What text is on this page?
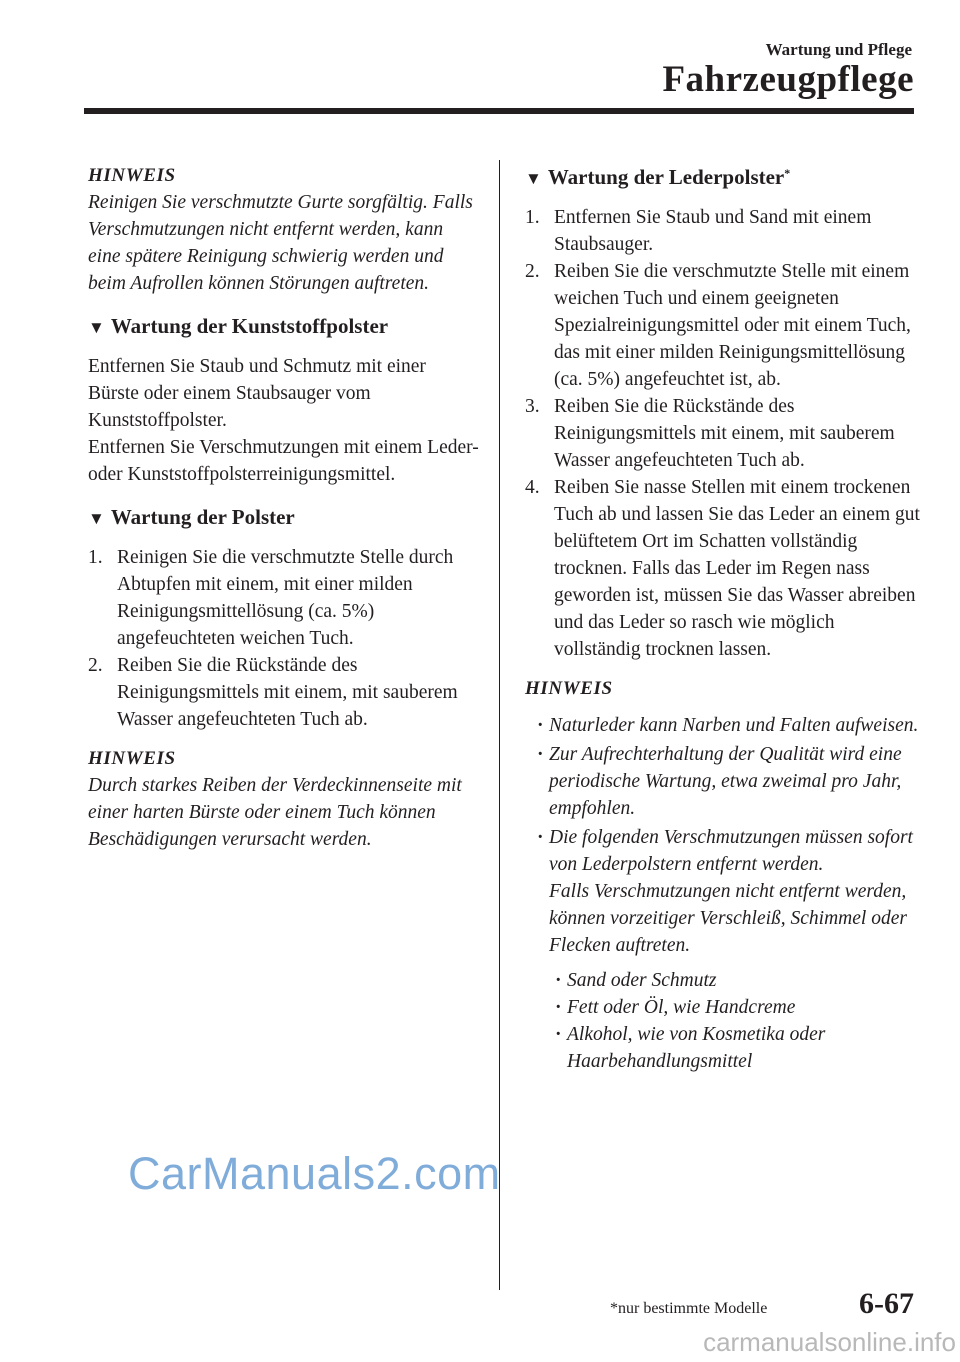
Wartung und Pflege
Fahrzeugpflege
HINWEIS
Reinigen Sie verschmutzte Gurte sorgfältig. Falls Verschmutzungen nicht entfernt werden, kann eine spätere Reinigung schwierig werden und beim Aufrollen können Störungen auftreten.
▼ Wartung der Kunststoffpolster
Entfernen Sie Staub und Schmutz mit einer Bürste oder einem Staubsauger vom Kunststoffpolster.
Entfernen Sie Verschmutzungen mit einem Leder- oder Kunststoffpolsterreinigungsmittel.
▼ Wartung der Polster
1. Reinigen Sie die verschmutzte Stelle durch Abtupfen mit einem, mit einer milden Reinigungsmittellösung (ca. 5%) angefeuchteten weichen Tuch.
2. Reiben Sie die Rückstände des Reinigungsmittels mit einem, mit sauberem Wasser angefeuchteten Tuch ab.
HINWEIS
Durch starkes Reiben der Verdeckinnenseite mit einer harten Bürste oder einem Tuch können Beschädigungen verursacht werden.
▼ Wartung der Lederpolster*
1. Entfernen Sie Staub und Sand mit einem Staubsauger.
2. Reiben Sie die verschmutzte Stelle mit einem weichen Tuch und einem geeigneten Spezialreinigungsmittel oder mit einem Tuch, das mit einer milden Reinigungsmittellösung (ca. 5%) angefeuchtet ist, ab.
3. Reiben Sie die Rückstände des Reinigungsmittels mit einem, mit sauberem Wasser angefeuchteten Tuch ab.
4. Reiben Sie nasse Stellen mit einem trockenen Tuch ab und lassen Sie das Leder an einem gut belüftetem Ort im Schatten vollständig trocknen. Falls das Leder im Regen nass geworden ist, müssen Sie das Wasser abreiben und das Leder so rasch wie möglich vollständig trocknen lassen.
HINWEIS
· Naturleder kann Narben und Falten aufweisen.
· Zur Aufrechterhaltung der Qualität wird eine periodische Wartung, etwa zweimal pro Jahr, empfohlen.
· Die folgenden Verschmutzungen müssen sofort von Lederpolstern entfernt werden.
Falls Verschmutzungen nicht entfernt werden, können vorzeitiger Verschleiß, Schimmel oder Flecken auftreten.
· Sand oder Schmutz
· Fett oder Öl, wie Handcreme
· Alkohol, wie von Kosmetika oder Haarbehandlungsmittel
CarManuals2.com
*nur bestimmte Modelle	6-67
carmanualsonline.info
